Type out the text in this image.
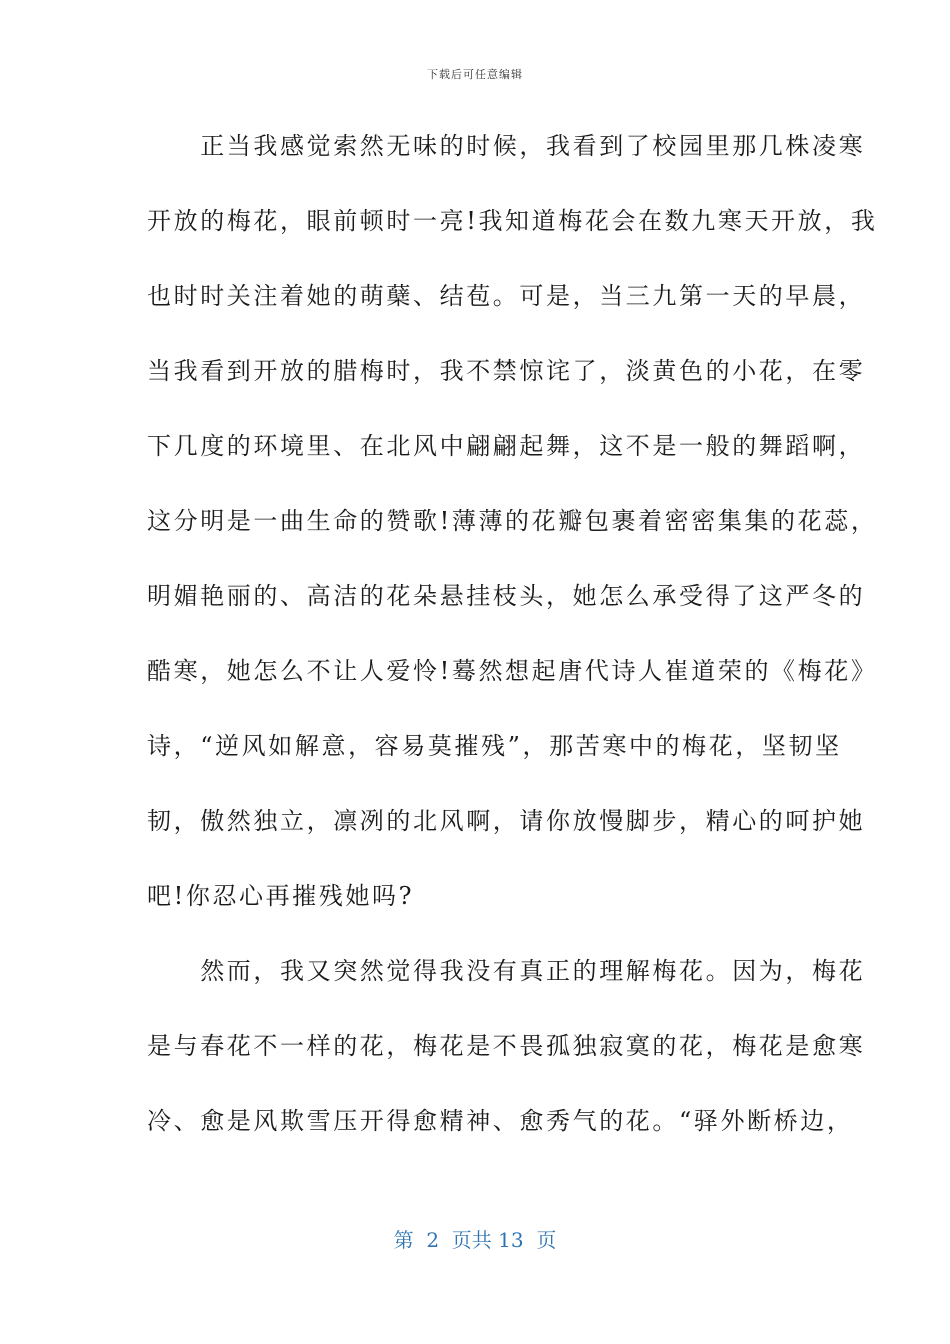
下载后可任意编辑
　　正当我感觉索然无味的时候，我看到了校园里那几株凌寒
开放的梅花，眼前顿时一亮!我知道梅花会在数九寒天开放，我
也时时关注着她的萌蘖、结苞。可是，当三九第一天的早晨，
当我看到开放的腊梅时，我不禁惊诧了，淡黄色的小花，在零
下几度的环境里、在北风中翩翩起舞，这不是一般的舞蹈啊，
这分明是一曲生命的赞歌!薄薄的花瓣包裹着密密集集的花蕊，
明媚艳丽的、高洁的花朵悬挂枝头，她怎么承受得了这严冬的
酷寒，她怎么不让人爱怜!蓦然想起唐代诗人崔道荣的《梅花》
诗，“逆风如解意，容易莫摧残”，那苦寒中的梅花，坚韧坚
韧，傲然独立，凛冽的北风啊，请你放慢脚步，精心的呵护她
吧!你忍心再摧残她吗?
　　然而，我又突然觉得我没有真正的理解梅花。因为，梅花
是与春花不一样的花，梅花是不畏孤独寂寞的花，梅花是愈寒
冷、愈是风欺雪压开得愈精神、愈秀气的花。“驿外断桥边，
第  2  页共 13  页
